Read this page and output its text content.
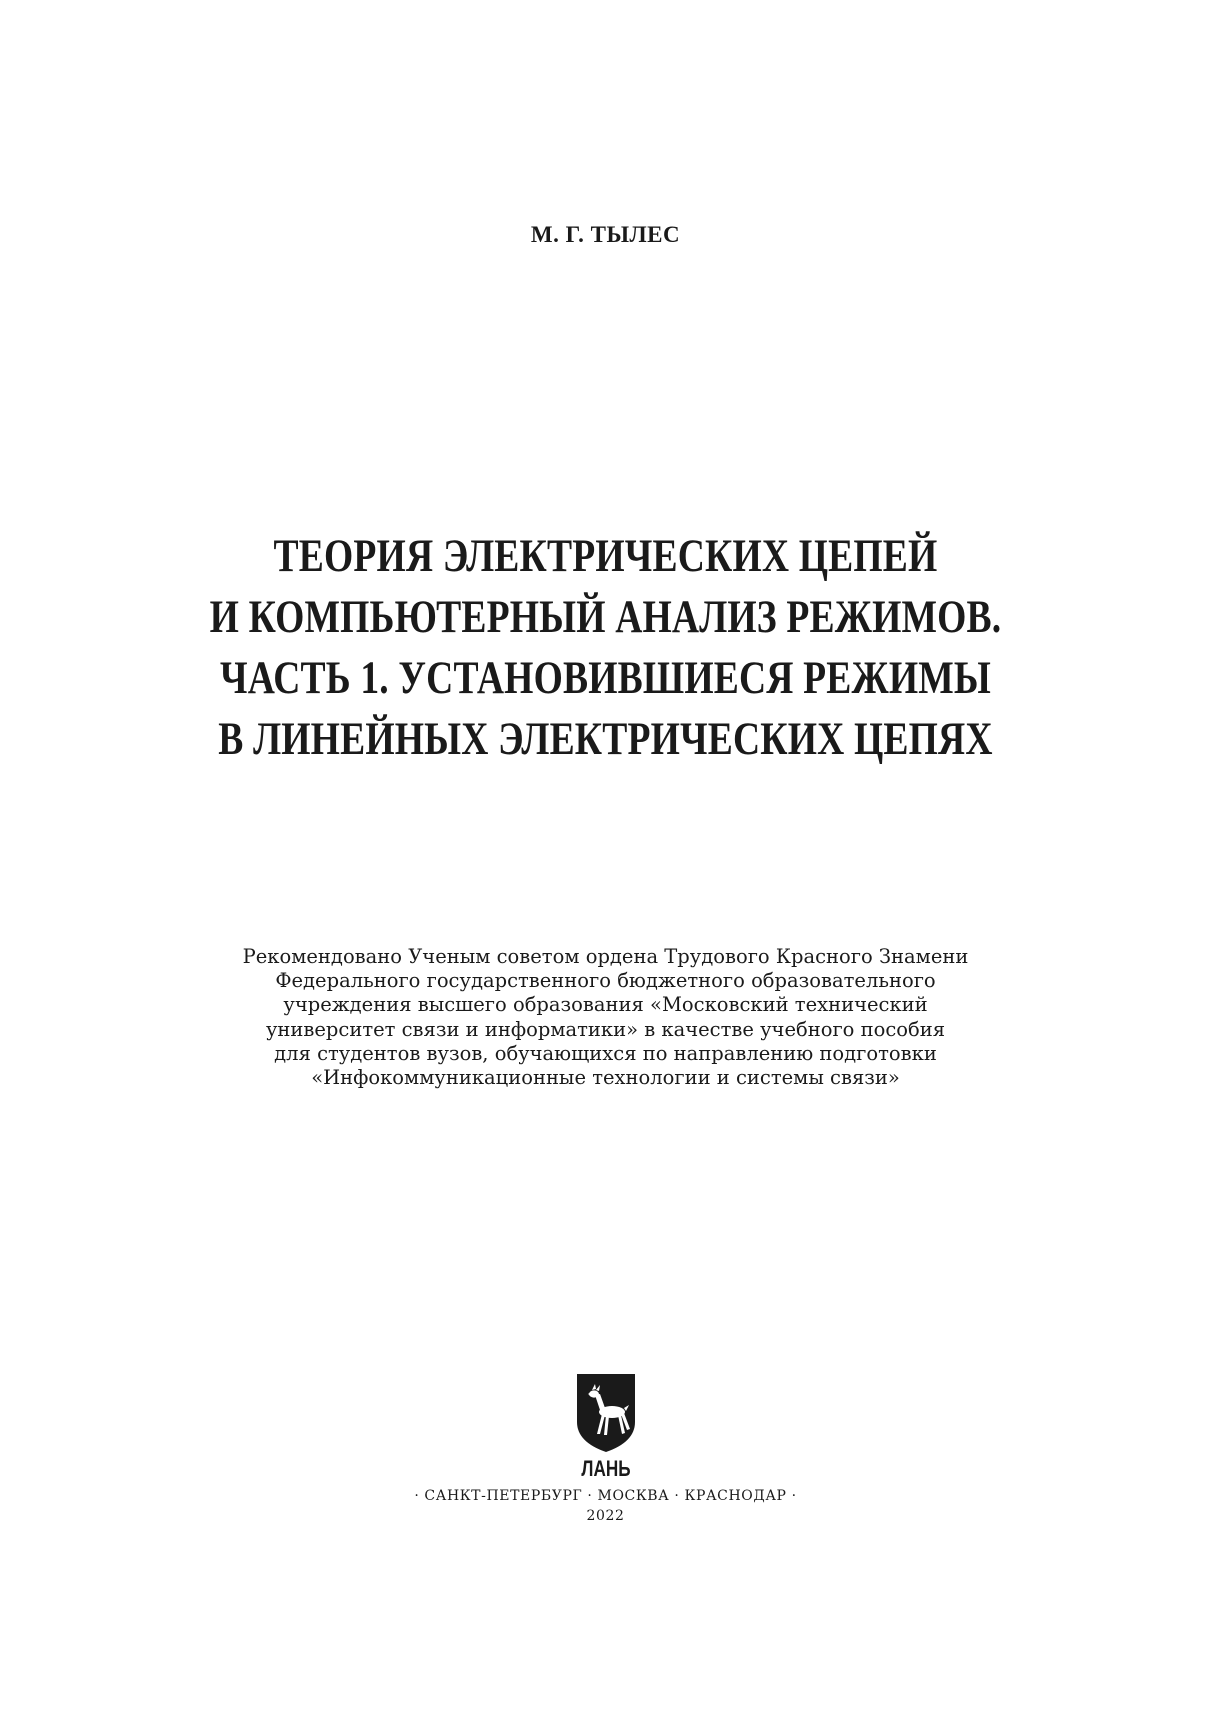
М. Г. ТЫЛЕС
ТЕОРИЯ ЭЛЕКТРИЧЕСКИХ ЦЕПЕЙ
И КОМПЬЮТЕРНЫЙ АНАЛИЗ РЕЖИМОВ.
ЧАСТЬ 1. УСТАНОВИВШИЕСЯ РЕЖИМЫ
В ЛИНЕЙНЫХ ЭЛЕКТРИЧЕСКИХ ЦЕПЯХ
Рекомендовано Ученым советом ордена Трудового Красного Знамени
Федерального государственного бюджетного образовательного
учреждения высшего образования «Московский технический
университет связи и информатики» в качестве учебного пособия
для студентов вузов, обучающихся по направлению подготовки
«Инфокоммуникационные технологии и системы связи»
ЛАНЬ
· САНКТ-ПЕТЕРБУРГ · МОСКВА · КРАСНОДАР ·
2022
